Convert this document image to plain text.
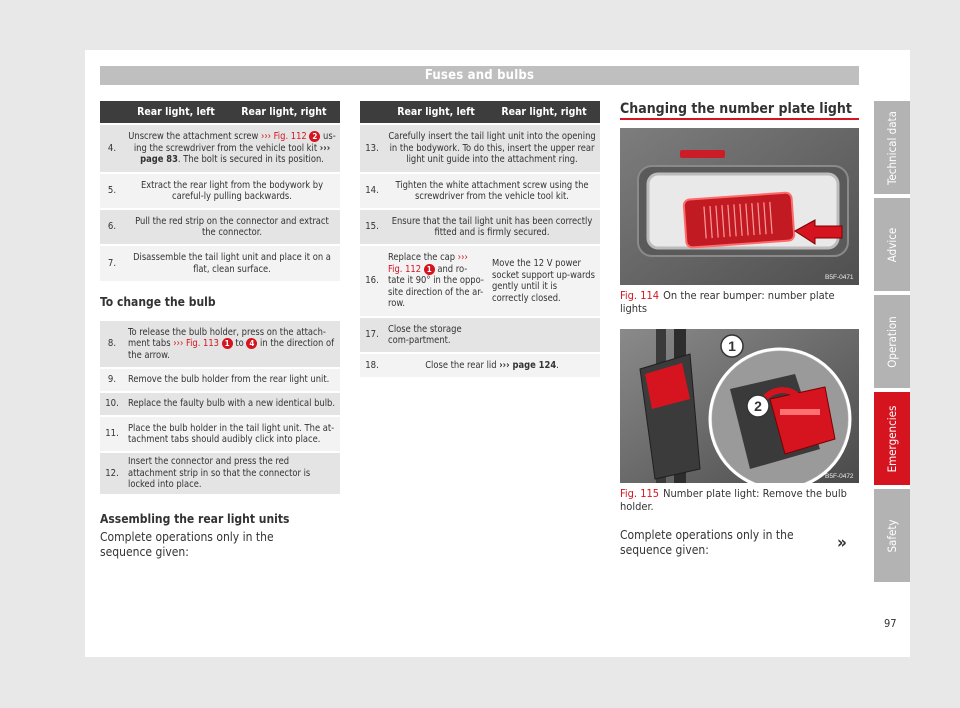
Fuses and bulbs
	Rear light, left	Rear light, right
4.	Unscrew the attachment screw ››› Fig. 112 2 us-ing the screwdriver from the vehicle tool kit ››› page 83. The bolt is secured in its position.	
5.	Extract the rear light from the bodywork by careful-ly pulling backwards.	
6.	Pull the red strip on the connector and extract the connector.	
7.	Disassemble the tail light unit and place it on a flat, clean surface.	
To change the bulb
8.	To release the bulb holder, press on the attach-ment tabs ››› Fig. 113 1 to 4 in the direction of the arrow.
9.	Remove the bulb holder from the rear light unit.
10.	Replace the faulty bulb with a new identical bulb.
11.	Place the bulb holder in the tail light unit. The at-tachment tabs should audibly click into place.
12.	Insert the connector and press the red attachment strip in so that the connector is locked into place.
Assembling the rear light units

Complete operations only in the sequence given:

	Rear light, left	Rear light, right
13.	Carefully insert the tail light unit into the opening in the bodywork. To do this, insert the upper rear light unit guide into the attachment ring.	
14.	Tighten the white attachment screw using the screwdriver from the vehicle tool kit.	
15.	Ensure that the tail light unit has been correctly fitted and is firmly secured.	
16.	Replace the cap ››› Fig. 112 1 and ro-tate it 90° in the oppo-site direction of the ar-row.	Move the 12 V power socket support up-wards gently until it is correctly closed.
17.	Close the storage com-partment.	
18.	Close the rear lid ››› page 124.	
Changing the number plate light
B5F-0471
Fig. 114 On the rear bumper: number plate lights
1
2
B5F-0472
Fig. 115 Number plate light: Remove the bulb holder.

Complete operations only in the sequence given:	»
Technical data
Advice
Operation
Emergencies
Safety
97
